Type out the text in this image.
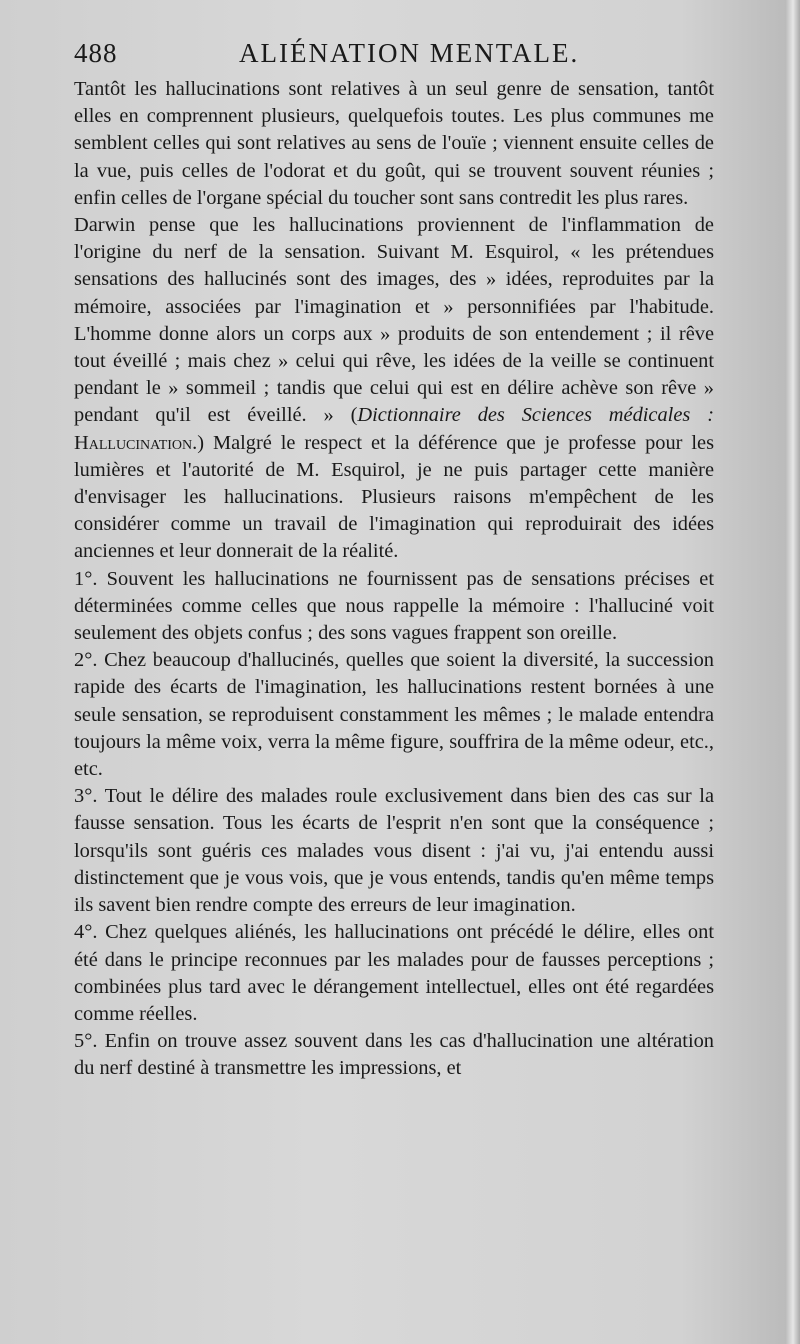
488	ALIÉNATION MENTALE.

Tantôt les hallucinations sont relatives à un seul genre de sensation, tantôt elles en comprennent plusieurs, quelquefois toutes. Les plus communes me semblent celles qui sont relatives au sens de l'ouïe ; viennent ensuite celles de la vue, puis celles de l'odorat et du goût, qui se trouvent souvent réunies ; enfin celles de l'organe spécial du toucher sont sans contredit les plus rares.

Darwin pense que les hallucinations proviennent de l'inflammation de l'origine du nerf de la sensation. Suivant M. Esquirol, « les prétendues sensations des hallucinés sont des images, des » idées, reproduites par la mémoire, associées par l'imagination et » personnifiées par l'habitude. L'homme donne alors un corps aux » produits de son entendement ; il rêve tout éveillé ; mais chez » celui qui rêve, les idées de la veille se continuent pendant le » sommeil ; tandis que celui qui est en délire achève son rêve » pendant qu'il est éveillé. » (Dictionnaire des Sciences médicales : Hallucination.) Malgré le respect et la déférence que je professe pour les lumières et l'autorité de M. Esquirol, je ne puis partager cette manière d'envisager les hallucinations. Plusieurs raisons m'empêchent de les considérer comme un travail de l'imagination qui reproduirait des idées anciennes et leur donnerait de la réalité.

1°. Souvent les hallucinations ne fournissent pas de sensations précises et déterminées comme celles que nous rappelle la mémoire : l'halluciné voit seulement des objets confus ; des sons vagues frappent son oreille.

2°. Chez beaucoup d'hallucinés, quelles que soient la diversité, la succession rapide des écarts de l'imagination, les hallucinations restent bornées à une seule sensation, se reproduisent constamment les mêmes ; le malade entendra toujours la même voix, verra la même figure, souffrira de la même odeur, etc., etc.

3°. Tout le délire des malades roule exclusivement dans bien des cas sur la fausse sensation. Tous les écarts de l'esprit n'en sont que la conséquence ; lorsqu'ils sont guéris ces malades vous disent : j'ai vu, j'ai entendu aussi distinctement que je vous vois, que je vous entends, tandis qu'en même temps ils savent bien rendre compte des erreurs de leur imagination.

4°. Chez quelques aliénés, les hallucinations ont précédé le délire, elles ont été dans le principe reconnues par les malades pour de fausses perceptions ; combinées plus tard avec le dérangement intellectuel, elles ont été regardées comme réelles.

5°. Enfin on trouve assez souvent dans les cas d'hallucination une altération du nerf destiné à transmettre les impressions, et
